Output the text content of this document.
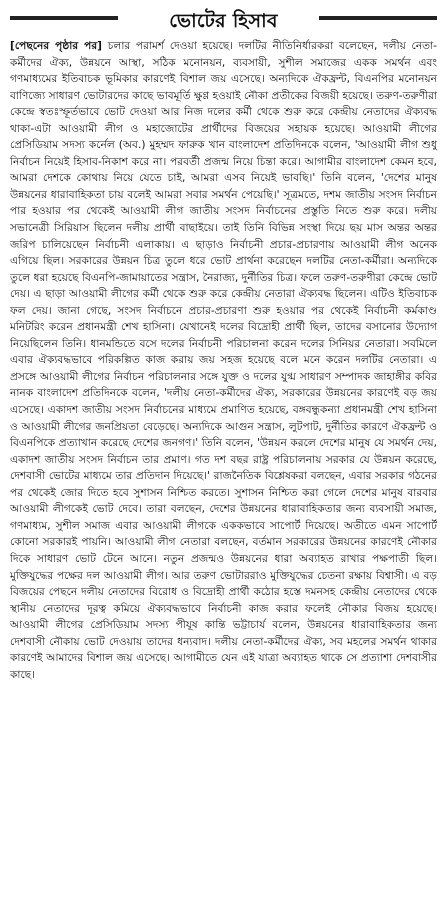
ভোটের হিসাব

[পেছনের পৃষ্ঠার পর] চলার পরামর্শ দেওয়া হয়েছে। দলটির নীতিনির্ধারকরা বলেছেন, দলীয় নেতা-কর্মীদের ঐক্য, উন্নয়নে আস্থা, সঠিক মনোনয়ন, ব্যবসায়ী, সুশীল সমাজের একক সমর্থন এবং গণমাধ্যমের ইতিবাচক ভূমিকার কারণেই বিশাল জয় এসেছে। অন্যদিকে ঐকফ্রন্ট, বিএনপির মনোনয়ন বাণিজ্যে সাধারণ ভোটারদের কাছে ভাবমূর্তি ক্ষুণ্ণ হওয়াই নৌকা প্রতীকের বিজয়ী হয়েছে। তরুণ-তরুণীরা কেন্দ্রে স্বতঃস্ফূর্তভাবে ভোট দেওয়া আর নিজ দলের কর্মী থেকে শুরু করে কেন্দ্রীয় নেতাদের ঐক্যবদ্ধ থাকা-এটা আওয়ামী লীগ ও মহাজোটের প্রার্থীদের বিজয়ের সহায়ক হয়েছে। আওয়ামী লীগের প্রেসিডিয়াম সদস্য কর্নেল (অব.) মুহম্মদ ফারুক খান বাংলাদেশ প্রতিদিনকে বলেন, 'আওয়ামী লীগ শুধু নির্বাচন নিয়েই হিসাব-নিকাশ করে না। পরবর্তী প্রজন্ম নিয়ে চিন্তা করে। আগামীর বাংলাদেশ কেমন হবে, আমরা দেশকে কোথায় নিয়ে যেতে চাই, আমরা এসব নিয়েই ভাবছি।' তিনি বলেন, 'দেশের মানুষ উন্নয়নের ধারাবাহিকতা চায় বলেই আমরা সবার সমর্থন পেয়েছি।' সূত্রমতে, দশম জাতীয় সংসদ নির্বাচন পার হওয়ার পর থেকেই আওয়ামী লীগ জাতীয় সংসদ নির্বাচনের প্রস্তুতি নিতে শুরু করে। দলীয় সভানেত্রী সিরিয়াস ছিলেন দলীয় প্রার্থী বাছাইয়ে। তাই তিনি বিভিন্ন সংস্থা দিয়ে ছয় মাস অন্তর অন্তর জরিপ চালিয়েছেন নির্বাচনী এলাকায়। এ ছাড়াও নির্বাচনী প্রচার-প্রচারণায় আওয়ামী লীগ অনেক এগিয়ে ছিল। সরকারের উন্নয়ন চিত্র তুলে ধরে ভোট প্রার্থনা করেছেন দলটির নেতা-কর্মীরা। অন্যদিকে তুলে ধরা হয়েছে বিএনপি-জামায়াতের সন্ত্রাস, নৈরাজ্য, দুর্নীতির চিত্র। ফলে তরুণ-তরুণীরা কেন্দ্রে ভোট দেয়। এ ছাড়া আওয়ামী লীগের কর্মী থেকে শুরু করে কেন্দ্রীয় নেতারা ঐক্যবদ্ধ ছিলেন। এটিও ইতিবাচক ফল দেয়। জানা গেছে, সংসদ নির্বাচনে প্রচার-প্রচারণা শুরু হওয়ার পর থেকেই নির্বাচনী কর্মকাণ্ড মনিটরিং করেন প্রধানমন্ত্রী শেখ হাসিনা। যেখানেই দলের বিদ্রোহী প্রার্থী ছিল, তাদের বসানোর উদ্যোগ নিয়েছিলেন তিনি। ধানমন্ডিতে বসে দলের নির্বাচনী পরিচালনা করেন দলের সিনিয়র নেতারা। সবমিলে এবার ঐক্যবদ্ধভাবে পরিকল্পিত কাজ করায় জয় সহজ হয়েছে বলে মনে করেন দলটির নেতারা। এ প্রসঙ্গে আওয়ামী লীগের নির্বাচন পরিচালনার সঙ্গে যুক্ত ও দলের যুগ্ম সাধারণ সম্পাদক জাহাঙ্গীর কবির নানক বাংলাদেশ প্রতিদিনকে বলেন, 'দলীয় নেতা-কর্মীদের ঐক্য, সরকারের উন্নয়নের কারণেই বড় জয় এসেছে। একাদশ জাতীয় সংসদ নির্বাচনের মাধ্যমে প্রমাণিত হয়েছে, বঙ্গবন্ধুকন্যা প্রধানমন্ত্রী শেখ হাসিনা ও আওয়ামী লীগের জনপ্রিয়তা বেড়েছে। অন্যদিকে আগুন সন্ত্রাস, লুটপাট, দুর্নীতির কারণে ঐকফ্রন্ট ও বিএনপিকে প্রত্যাখান করেছে দেশের জনগণ।' তিনি বলেন, 'উন্নয়ন করলে দেশের মানুষ যে সমর্থন দেয়, একাদশ জাতীয় সংসদ নির্বাচন তার প্রমাণ। গত দশ বছর রাষ্ট্র পরিচালনায় সরকার যে উন্নয়ন করেছে, দেশবাসী ভোটের মাধ্যমে তার প্রতিদান দিয়েছে।' রাজনৈতিক বিশ্লেষকরা বলছেন, এবার সরকার গঠনের পর থেকেই জোর দিতে হবে সুশাসন নিশ্চিত করতে। সুশাসন নিশ্চিত করা গেলে দেশের মানুষ বারবার আওয়ামী লীগকেই ভোট দেবে। তারা বলছেন, দেশের উন্নয়নের ধারাবাহিকতার জন্য ব্যবসায়ী সমাজ, গণমাধ্যম, সুশীল সমাজ এবার আওয়ামী লীগকে এককভাবে সাপোর্ট দিয়েছে। অতীতে এমন সাপোর্ট কোনো সরকারই পায়নি। আওয়ামী লীগ নেতারা বলছেন, বর্তমান সরকারের উন্নয়নের কারণেই নৌকার দিকে সাধারণ ভোট টেনে আনে। নতুন প্রজন্মও উন্নয়নের ধারা অব্যাহত রাখার পক্ষপাতী ছিল। মুক্তিযুদ্ধের পক্ষের দল আওয়ামী লীগ। আর তরুণ ভোটাররাও মুক্তিযুদ্ধের চেতনা রক্ষায় বিশ্বাসী। এ বড় বিজয়ের পেছনে দলীয় নেতাদের বিরোধ ও বিদ্রোহী প্রার্থী কঠোর হস্তে দমনসহ কেন্দ্রীয় নেতাদের থেকে স্থানীয় নেতাদের দূরত্ব কমিয়ে ঐক্যবদ্ধভাবে নির্বাচনী কাজ করার ফলেই নৌকার বিজয় হয়েছে। আওয়ামী লীগের প্রেসিডিয়াম সদস্য পীযূষ কান্তি ভট্টাচার্য বলেন, উন্নয়নের ধারাবাহিকতার জন্য দেশবাসী নৌকায় ভোট দেওয়ায় তাদের ধন্যবাদ। দলীয় নেতা-কর্মীদের ঐক্য, সব মহলের সমর্থন থাকার কারণেই আমাদের বিশাল জয় এসেছে। আগামীতে যেন এই যাত্রা অব্যাহত থাকে সে প্রত্যাশা দেশবাসীর কাছে।
